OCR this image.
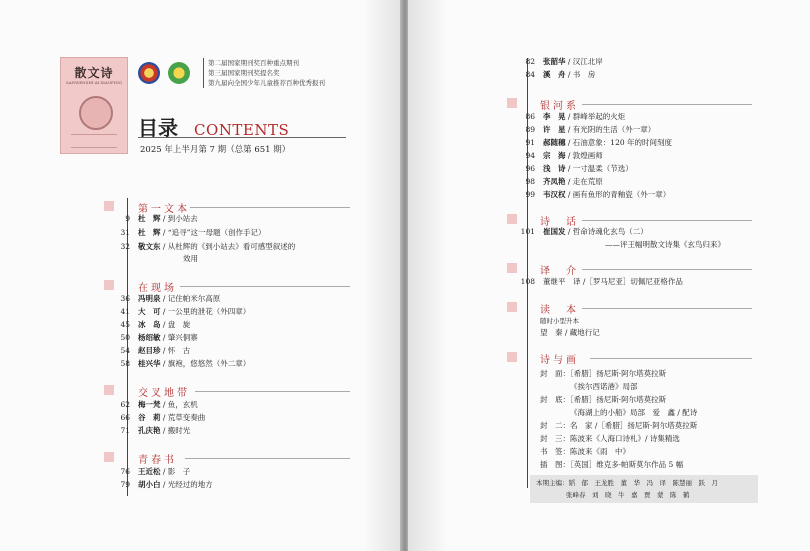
散文诗
SANWENSHI·AI·XIAOPING
第二届国家期刊奖百种重点期刊
第三届国家期刊奖提名奖
第九届向全国少年儿童推荐百种优秀报刊
目录 CONTENTS
2025 年上半月第 7 期（总第 651 期）
第一文本
9 杜　辉 / 到小站去
31 杜　辉 / “追寻”这一母题（创作手记）
32 敬文东 / 从杜辉的《到小站去》看可感型叙述的
效用
在现场
36 冯明泉 / 记住帕米尔高原
41 大　可 / 一公里的泄花（外四章）
45 冰　岛 / 盘　旋
50 杨绍敏 / 肇兴侗寨
54 赵目珍 / 怀　古
58 桂兴华 / 旗袍，悠悠然（外二章）
交叉地带
62 梅一梵 / 鱼，玄机
66 谷　莉 / 荒草变奏曲
71 孔庆艳 / 搬时光
青春书
76 王近松 / 影　子
79 胡小白 / 光经过的地方
82 张韶华 / 汉江北岸
84 溪　舟 / 书　房
银河系
86 李　晃 / 群峰举起的火炬
89 许　星 / 有光阴的生活（外一章）
91 郝随穗 / 石油意象：120 年的时间刻度
94 宗　海 / 敦煌画师
96 浅　诗 / 一寸温柔（节选）
98 齐凤艳 / 走在荒原
99 韦汉权 / 画有鱼形的青釉瓷（外一章）
诗　话
101 崔国发 / 哲命诗魂化玄鸟（二）
——评王幅明散文诗集《玄鸟归来》
译　介
108 董继平　译 /［罗马尼亚］切佩尼亚格作品
读　本
随时小型升本
望　秦 / 藏地行记
诗与画
封　面：［希腊］扬尼斯·阿尔塔莫拉斯
《挨尔西诺港》局部
封　底：［希腊］扬尼斯·阿尔塔莫拉斯
《海湖上的小船》局部　爱　鑫 / 配诗
封　二：名　家 /［希腊］扬尼斯·阿尔塔莫拉斯
封　三：陈波来《人海口诗札》/ 诗集精选
书　签：陈波来《雨　中》
插　图：［英国］维克多·帕斯莫尔作品 5 幅
本期主编：韬　郁　王龙胜　董　华　冯　译　陈慧丽　跃　月
张峰春　刘　晓　牛　嘉　贾　蒙　陈　鹤
